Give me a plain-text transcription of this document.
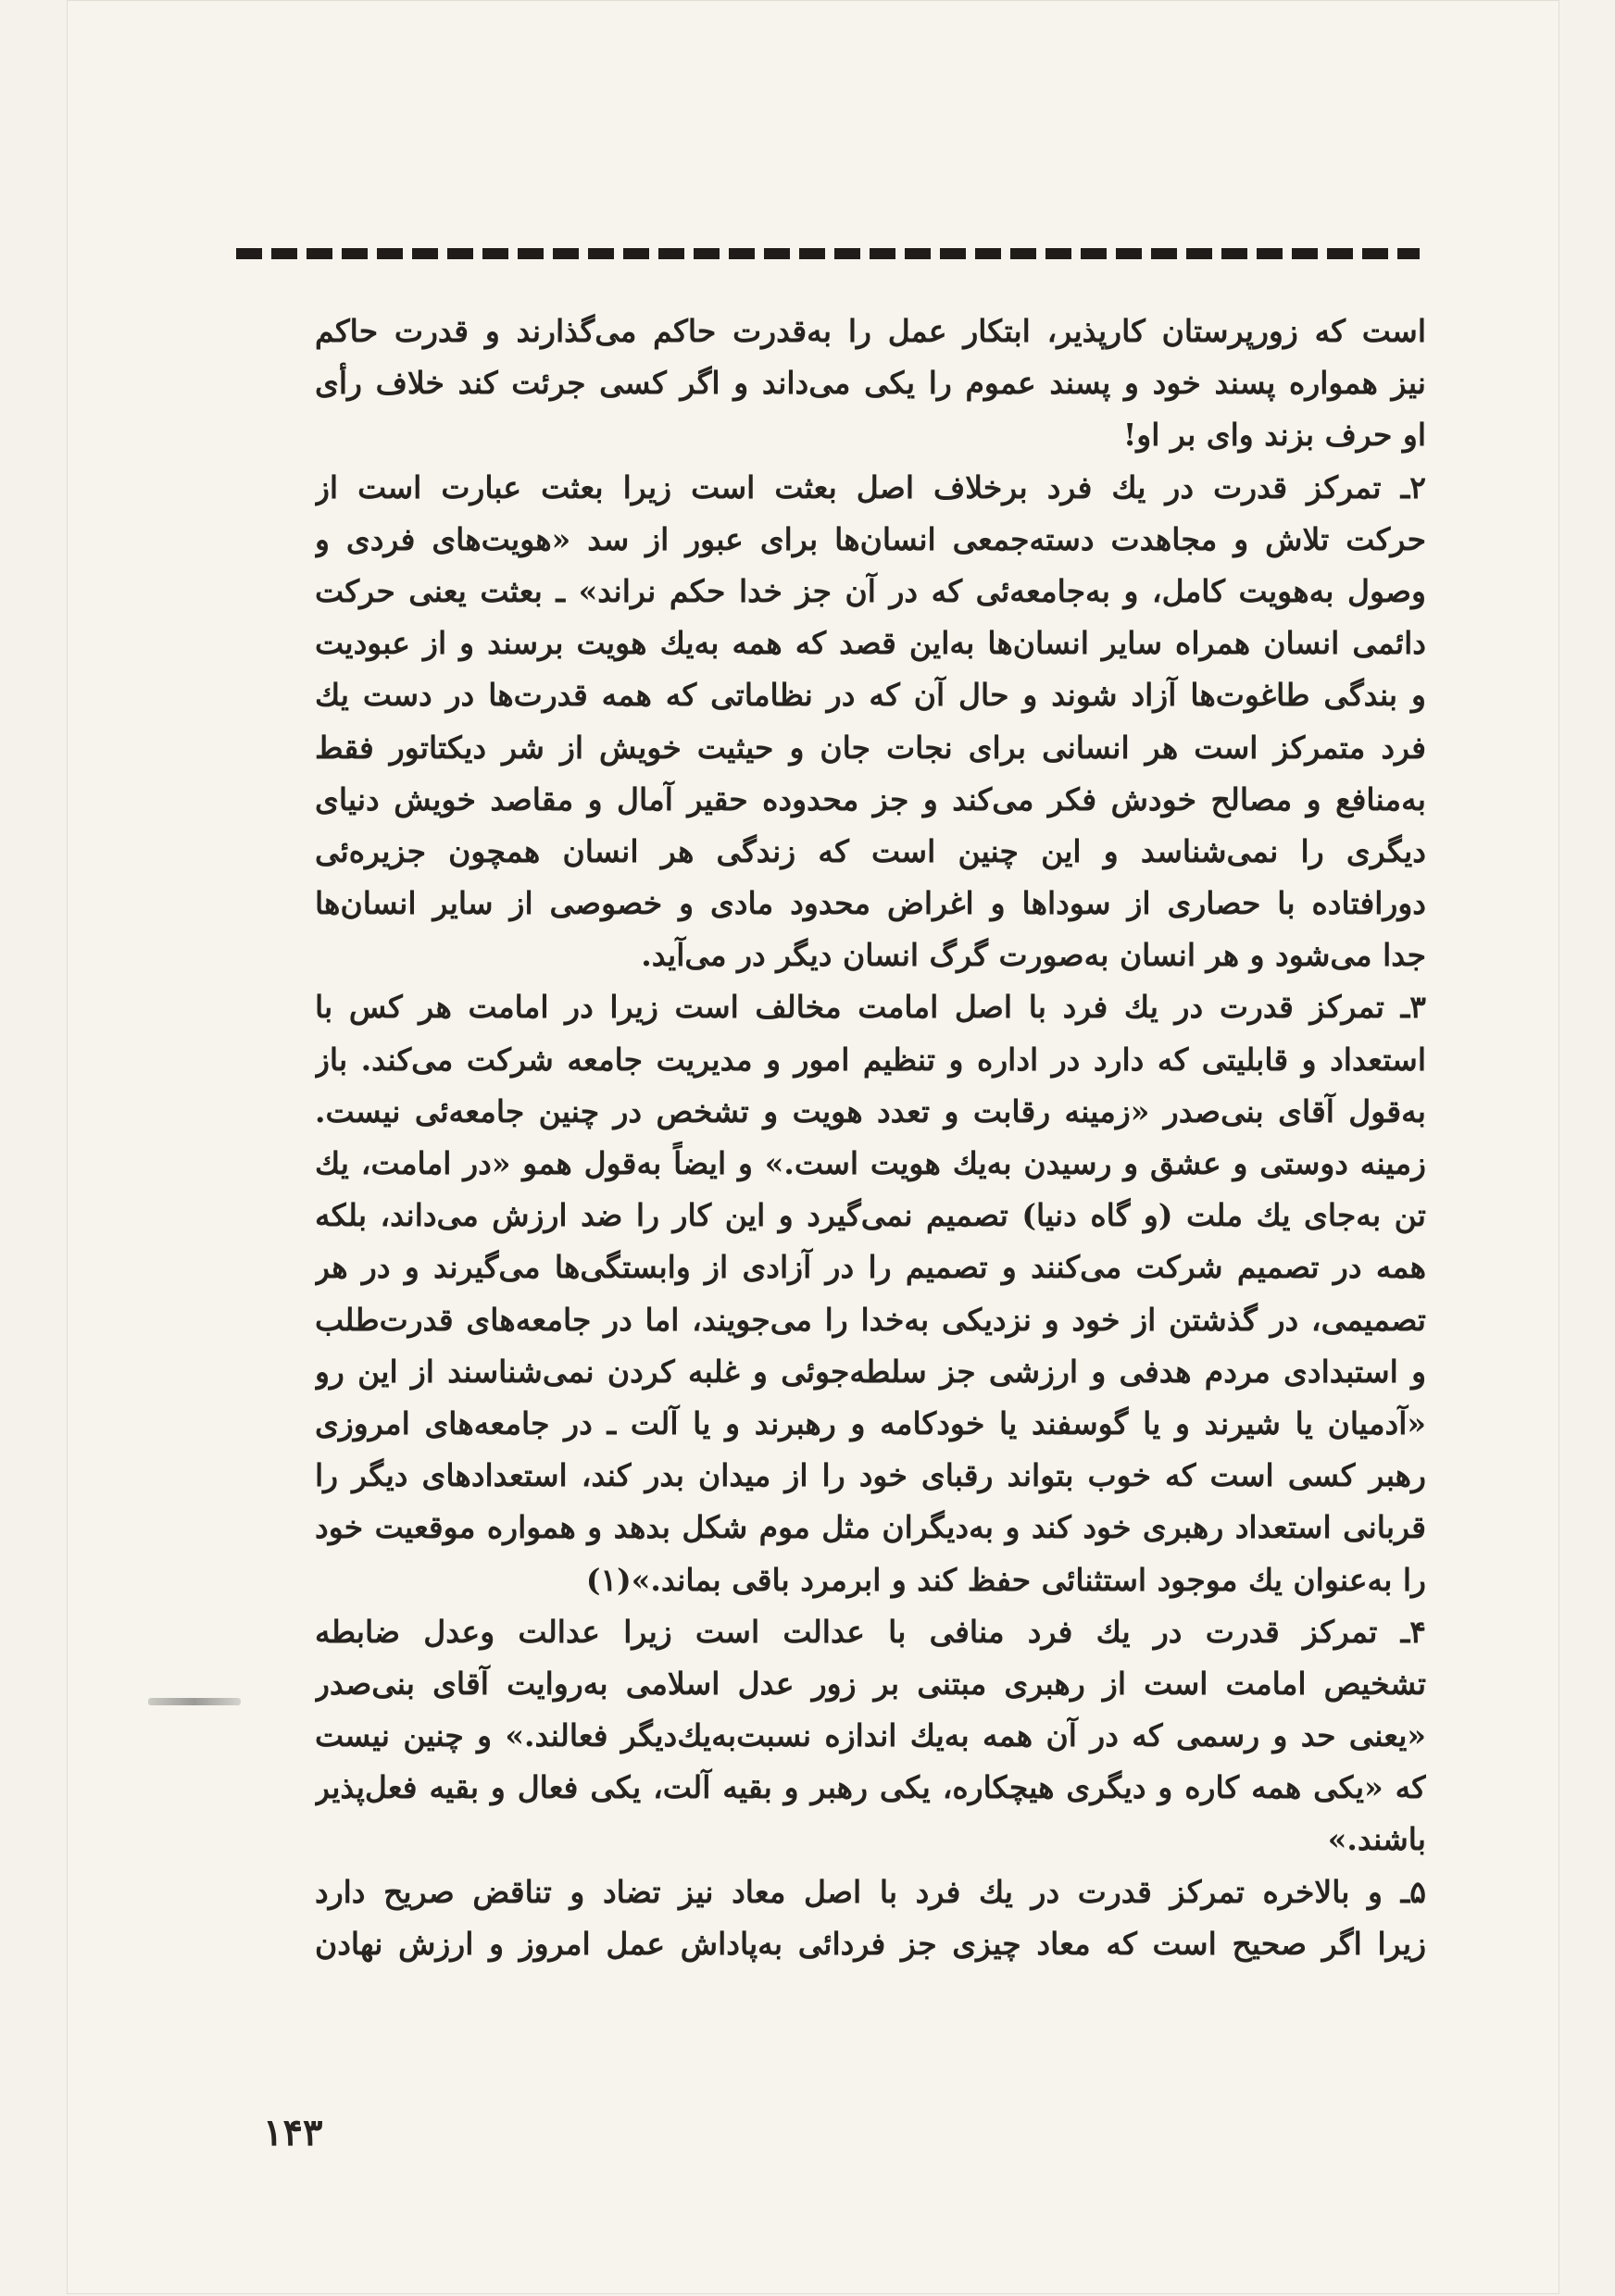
است که زورپرستان کارپذیر، ابتکار عمل را به‌قدرت حاکم می‌گذارند و قدرت حاکم
نیز همواره پسند خود و پسند عموم را یکی می‌داند و اگر کسی جرئت کند خلاف رأی
او حرف بزند وای بر او!
۲ـ تمرکز قدرت در یك فرد برخلاف اصل بعثت است زیرا بعثت عبارت است از
حرکت تلاش و مجاهدت دسته‌جمعی انسان‌ها برای عبور از سد «هویت‌های فردی و
وصول به‌هویت کامل، و به‌جامعه‌ئی که در آن جز خدا حکم نراند» ـ بعثت یعنی حرکت
دائمی انسان همراه سایر انسان‌ها به‌این قصد که همه به‌یك هویت برسند و از عبودیت
و بندگی طاغوت‌ها آزاد شوند و حال آن که در نظاماتی که همه قدرت‌ها در دست یك
فرد متمرکز است هر انسانی برای نجات جان و حیثیت خویش از شر دیکتاتور فقط
به‌منافع و مصالح خودش فکر می‌کند و جز محدوده حقیر آمال و مقاصد خویش دنیای
دیگری را نمی‌شناسد و این چنین است که زندگی هر انسان همچون جزیره‌ئی
دورافتاده با حصاری از سوداها و اغراض محدود مادی و خصوصی از سایر انسان‌ها
جدا می‌شود و هر انسان به‌صورت گرگ انسان دیگر در می‌آید.
۳ـ تمرکز قدرت در یك فرد با اصل امامت مخالف است زیرا در امامت هر کس با
استعداد و قابلیتی که دارد در اداره و تنظیم امور و مدیریت جامعه شرکت می‌کند. باز
به‌قول آقای بنی‌صدر «زمینه رقابت و تعدد هویت و تشخص در چنین جامعه‌ئی نیست.
زمینه دوستی و عشق و رسیدن به‌یك هویت است.» و ایضاً به‌قول همو «در امامت، یك
تن به‌جای یك ملت (و گاه دنیا) تصمیم نمی‌گیرد و این کار را ضد ارزش می‌داند، بلکه
همه در تصمیم شرکت می‌کنند و تصمیم را در آزادی از وابستگی‌ها می‌گیرند و در هر
تصمیمی، در گذشتن از خود و نزدیکی به‌خدا را می‌جویند، اما در جامعه‌های قدرت‌طلب
و استبدادی مردم هدفی و ارزشی جز سلطه‌جوئی و غلبه کردن نمی‌شناسند از این رو
«آدمیان یا شیرند و یا گوسفند یا خودکامه و رهبرند و یا آلت ـ در جامعه‌های امروزی
رهبر کسی است که خوب بتواند رقبای خود را از میدان بدر کند، استعدادهای دیگر را
قربانی استعداد رهبری خود کند و به‌دیگران مثل موم شکل بدهد و همواره موقعیت خود
را به‌عنوان یك موجود استثنائی حفظ کند و ابرمرد باقی بماند.»(۱)
۴ـ تمرکز قدرت در یك فرد منافی با عدالت است زیرا عدالت وعدل ضابطه
تشخیص امامت است از رهبری مبتنی بر زور عدل اسلامی به‌روایت آقای بنی‌صدر
«یعنی حد و رسمی که در آن همه به‌یك اندازه نسبت‌به‌یك‌دیگر فعالند.» و چنین نیست
که «یکی همه کاره و دیگری هیچکاره، یکی رهبر و بقیه آلت، یکی فعال و بقیه فعل‌پذیر
باشند.»
۵ـ و بالاخره تمرکز قدرت در یك فرد با اصل معاد نیز تضاد و تناقض صریح دارد
زیرا اگر صحیح است که معاد چیزی جز فردائی به‌پاداش عمل امروز و ارزش نهادن
۱۴۳
